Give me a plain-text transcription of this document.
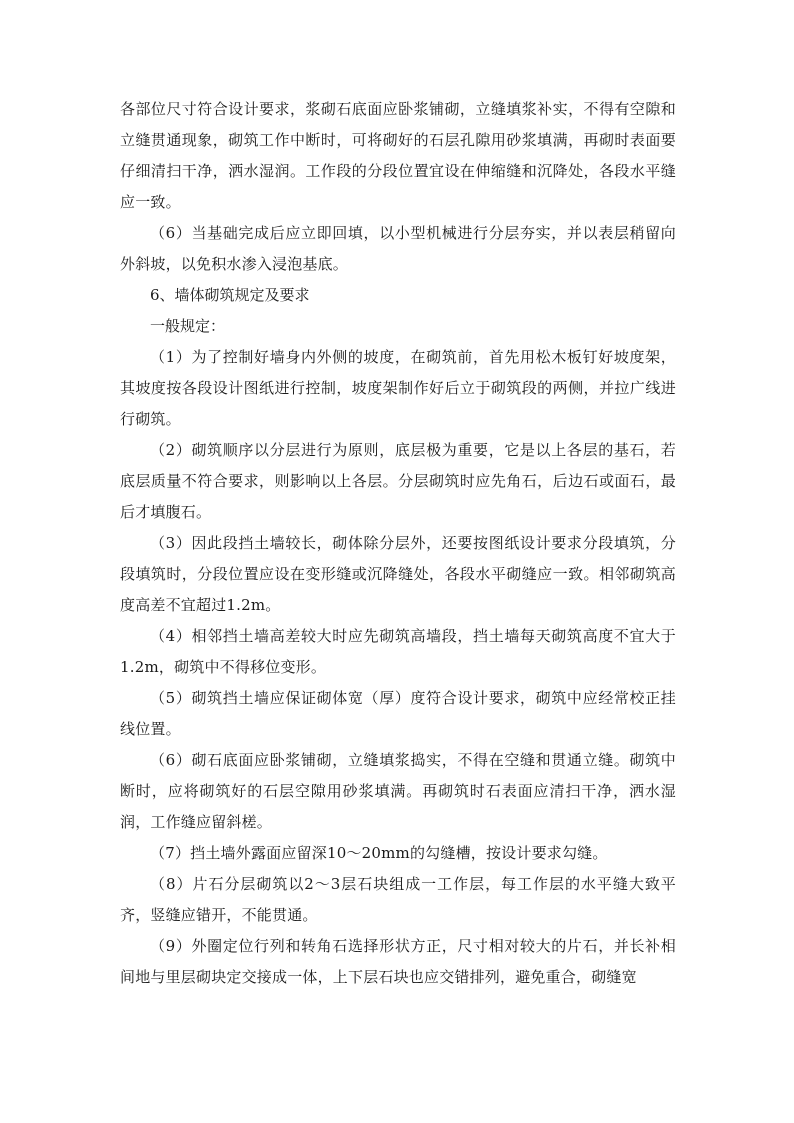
各部位尺寸符合设计要求，浆砌石底面应卧浆铺砌，立缝填浆补实，不得有空隙和立缝贯通现象，砌筑工作中断时，可将砌好的石层孔隙用砂浆填满，再砌时表面要仔细清扫干净，洒水湿润。工作段的分段位置宜设在伸缩缝和沉降处，各段水平缝应一致。

（6）当基础完成后应立即回填，以小型机械进行分层夯实，并以表层稍留向外斜坡，以免积水渗入浸泡基底。

6、墙体砌筑规定及要求

一般规定：

（1）为了控制好墙身内外侧的坡度，在砌筑前，首先用松木板钉好坡度架，其坡度按各段设计图纸进行控制，坡度架制作好后立于砌筑段的两侧，并拉广线进行砌筑。

（2）砌筑顺序以分层进行为原则，底层极为重要，它是以上各层的基石，若底层质量不符合要求，则影响以上各层。分层砌筑时应先角石，后边石或面石，最后才填腹石。

（3）因此段挡土墙较长，砌体除分层外，还要按图纸设计要求分段填筑，分段填筑时，分段位置应设在变形缝或沉降缝处，各段水平砌缝应一致。相邻砌筑高度高差不宜超过1.2m。

（4）相邻挡土墙高差较大时应先砌筑高墙段，挡土墙每天砌筑高度不宜大于1.2m，砌筑中不得移位变形。

（5）砌筑挡土墙应保证砌体宽（厚）度符合设计要求，砌筑中应经常校正挂线位置。

（6）砌石底面应卧浆铺砌，立缝填浆捣实，不得在空缝和贯通立缝。砌筑中断时，应将砌筑好的石层空隙用砂浆填满。再砌筑时石表面应清扫干净，洒水湿润，工作缝应留斜槎。

（7）挡土墙外露面应留深10～20mm的勾缝槽，按设计要求勾缝。

（8）片石分层砌筑以2～3层石块组成一工作层，每工作层的水平缝大致平齐，竖缝应错开，不能贯通。

（9）外圈定位行列和转角石选择形状方正，尺寸相对较大的片石，并长补相间地与里层砌块定交接成一体，上下层石块也应交错排列，避免重合，砌缝宽
